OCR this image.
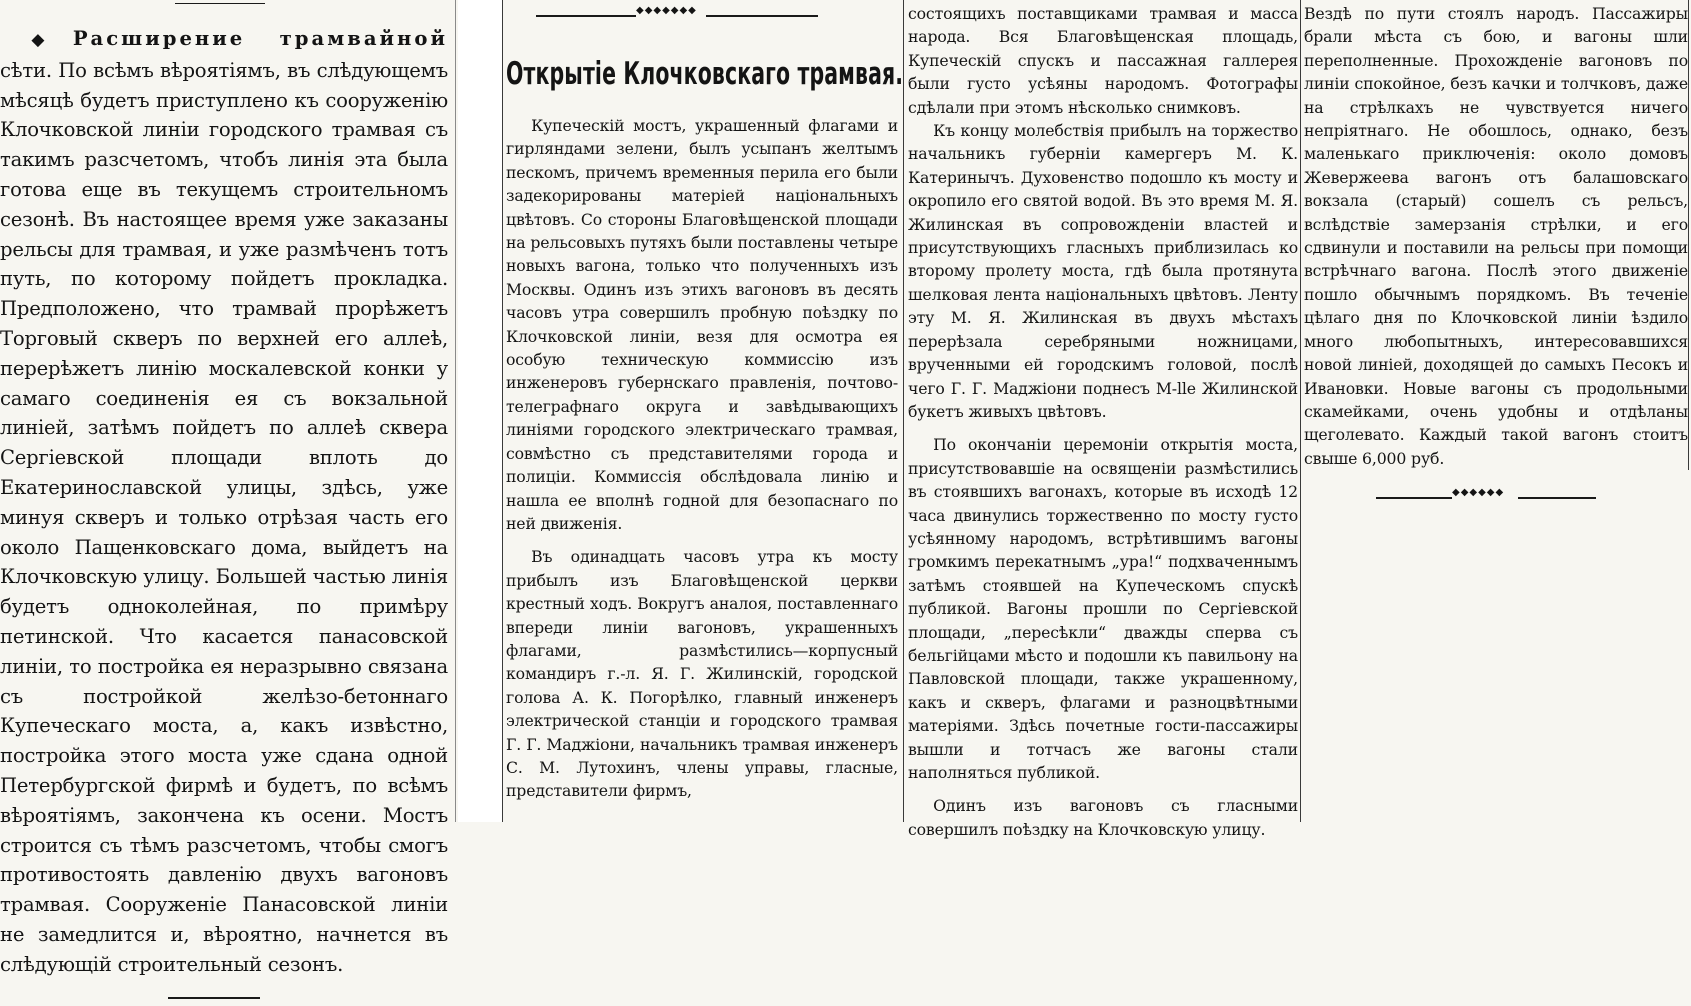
◆ Расширение трамвайной сѣти. По всѣмъ вѣроятіямъ, въ слѣдующемъ мѣсяцѣ будетъ приступлено къ сооруженію Клочковской линіи городского трамвая съ такимъ разсчетомъ, чтобъ линія эта была готова еще въ текущемъ строительномъ сезонѣ. Въ настоящее время уже заказаны рельсы для трамвая, и уже размѣченъ тотъ путь, по которому пойдетъ прокладка. Предположено, что трамвай прорѣжетъ Торговый скверъ по верхней его аллеѣ, перерѣжетъ линію москалевской конки у самаго соединенія ея съ вокзальной линіей, затѣмъ пойдетъ по аллеѣ сквера Сергіевской площади вплоть до Екатеринославской улицы, здѣсь, уже минуя скверъ и только отрѣзая часть его около Пащенковскаго дома, выйдетъ на Клочковскую улицу. Большей частью линія будетъ одноколейная, по примѣру петинской. Что касается панасовской линіи, то постройка ея неразрывно связана съ постройкой желѣзо-бетоннаго Купеческаго моста, а, какъ извѣстно, постройка этого моста уже сдана одной Петербургской фирмѣ и будетъ, по всѣмъ вѣроятіямъ, закончена къ осени. Мостъ строится съ тѣмъ разсчетомъ, чтобы смогъ противостоять давленію двухъ вагоновъ трамвая. Сооруженіе Панасовской линіи не замедлится и, вѣроятно, начнется въ слѣдующій строительный сезонъ.

◆◆◆◆◆◆◆
Открытіе Клочковскаго трамвая.

Купеческій мостъ, украшенный флагами и гирляндами зелени, былъ усыпанъ желтымъ пескомъ, причемъ временныя перила его были задекорированы матеріей національныхъ цвѣтовъ. Со стороны Благовѣщенской площади на рельсовыхъ путяхъ были поставлены четыре новыхъ вагона, только что полученныхъ изъ Москвы. Одинъ изъ этихъ вагоновъ въ десять часовъ утра совершилъ пробную поѣздку по Клочковской линіи, везя для осмотра ея особую техническую коммиссію изъ инженеровъ губернскаго правленія, почтово-телеграфнаго округа и завѣдывающихъ линіями городского электрическаго трамвая, совмѣстно съ представителями города и полиціи. Коммиссія обслѣдовала линію и нашла ее вполнѣ годной для безопаснаго по ней движенія.

Въ одинадцать часовъ утра къ мосту прибылъ изъ Благовѣщенской церкви крестный ходъ. Вокругъ аналоя, поставленнаго впереди линіи вагоновъ, украшенныхъ флагами, размѣстились—корпусный командиръ г.-л. Я. Г. Жилинскій, городской голова А. К. Погорѣлко, главный инженеръ электрической станціи и городского трамвая Г. Г. Маджіони, начальникъ трамвая инженеръ С. М. Лутохинъ, члены управы, гласные, представители фирмъ,

состоящихъ поставщиками трамвая и масса народа. Вся Благовѣщенская площадь, Купеческій спускъ и пассажная галлерея были густо усѣяны народомъ. Фотографы сдѣлали при этомъ нѣсколько снимковъ.

Къ концу молебствія прибылъ на торжество начальникъ губерніи камергеръ М. К. Катеринычъ. Духовенство подошло къ мосту и окропило его святой водой. Въ это время М. Я. Жилинская въ сопровожденіи властей и присутствующихъ гласныхъ приблизилась ко второму пролету моста, гдѣ была протянута шелковая лента національныхъ цвѣтовъ. Ленту эту М. Я. Жилинская въ двухъ мѣстахъ перерѣзала серебряными ножницами, врученными ей городскимъ головой, послѣ чего Г. Г. Маджіони поднесъ М-lle Жилинской букетъ живыхъ цвѣтовъ.

По окончаніи церемоніи открытія моста, присутствовавшіе на освященіи размѣстились въ стоявшихъ вагонахъ, которые въ исходѣ 12 часа двинулись торжественно по мосту густо усѣянному народомъ, встрѣтившимъ вагоны громкимъ перекатнымъ „ура!“ подхваченнымъ затѣмъ стоявшей на Купеческомъ спускѣ публикой. Вагоны прошли по Сергіевской площади, „пересѣкли“ дважды сперва съ бельгійцами мѣсто и подошли къ павильону на Павловской площади, также украшенному, какъ и скверъ, флагами и разноцвѣтными матеріями. Здѣсь почетные гости-пассажиры вышли и тотчасъ же вагоны стали наполняться публикой.

Одинъ изъ вагоновъ съ гласными совершилъ поѣздку на Клочковскую улицу.

Вездѣ по пути стоялъ народъ. Пассажиры брали мѣста съ бою, и вагоны шли переполненные. Прохожденіе вагоновъ по линіи спокойное, безъ качки и толчковъ, даже на стрѣлкахъ не чувствуется ничего непріятнаго. Не обошлось, однако, безъ маленькаго приключенія: около домовъ Жевержеева вагонъ отъ балашовскаго вокзала (старый) сошелъ съ рельсъ, вслѣдствіе замерзанія стрѣлки, и его сдвинули и поставили на рельсы при помощи встрѣчнаго вагона. Послѣ этого движеніе пошло обычнымъ порядкомъ. Въ теченіе цѣлаго дня по Клочковской линіи ѣздило много любопытныхъ, интересовавшихся новой линіей, доходящей до самыхъ Песокъ и Ивановки. Новые вагоны съ продольными скамейками, очень удобны и отдѣланы щеголевато. Каждый такой вагонъ стоитъ свыше 6,000 руб.

◆◆◆◆◆◆
